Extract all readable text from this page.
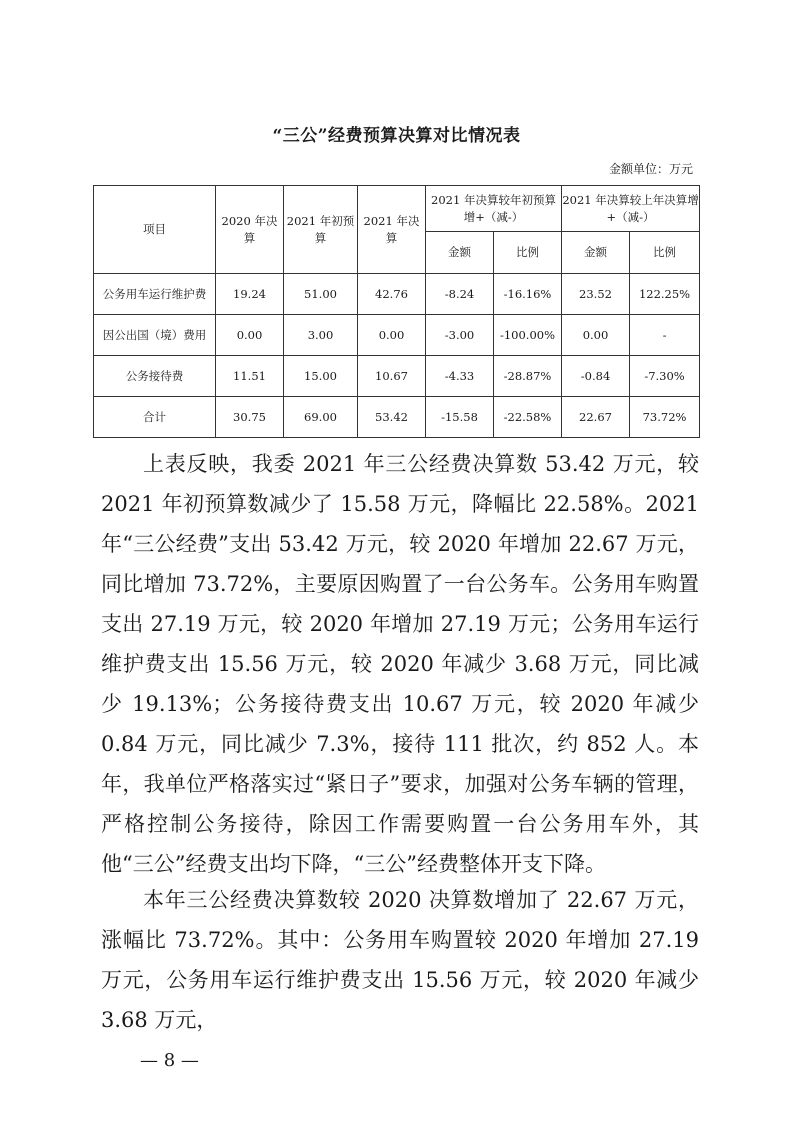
“三公”经费预算决算对比情况表
金额单位：万元
项目	2020 年决算	2021 年初预算	2021 年决算	2021 年决算较年初预算增+（减-）		2021 年决算较上年决算增+（减-）	
				金额	比例	金额	比例
公务用车运行维护费	19.24	51.00	42.76	-8.24	-16.16%	23.52	122.25%
因公出国（境）费用	0.00	3.00	0.00	-3.00	-100.00%	0.00	-
公务接待费	11.51	15.00	10.67	-4.33	-28.87%	-0.84	-7.30%
合计	30.75	69.00	53.42	-15.58	-22.58%	22.67	73.72%

上表反映，我委 2021 年三公经费决算数 53.42 万元，较 2021 年初预算数减少了 15.58 万元，降幅比 22.58%。2021 年“三公经费”支出 53.42 万元，较 2020 年增加 22.67 万元，同比增加 73.72%，主要原因购置了一台公务车。公务用车购置支出 27.19 万元，较 2020 年增加 27.19 万元；公务用车运行维护费支出 15.56 万元，较 2020 年减少 3.68 万元，同比减少 19.13%；公务接待费支出 10.67 万元，较 2020 年减少 0.84 万元，同比减少 7.3%，接待 111 批次，约 852 人。本年，我单位严格落实过“紧日子”要求，加强对公务车辆的管理，严格控制公务接待，除因工作需要购置一台公务用车外，其他“三公”经费支出均下降，“三公”经费整体开支下降。

本年三公经费决算数较 2020 决算数增加了 22.67 万元，涨幅比 73.72%。其中：公务用车购置较 2020 年增加 27.19 万元，公务用车运行维护费支出 15.56 万元，较 2020 年减少 3.68 万元，

— 8 —
